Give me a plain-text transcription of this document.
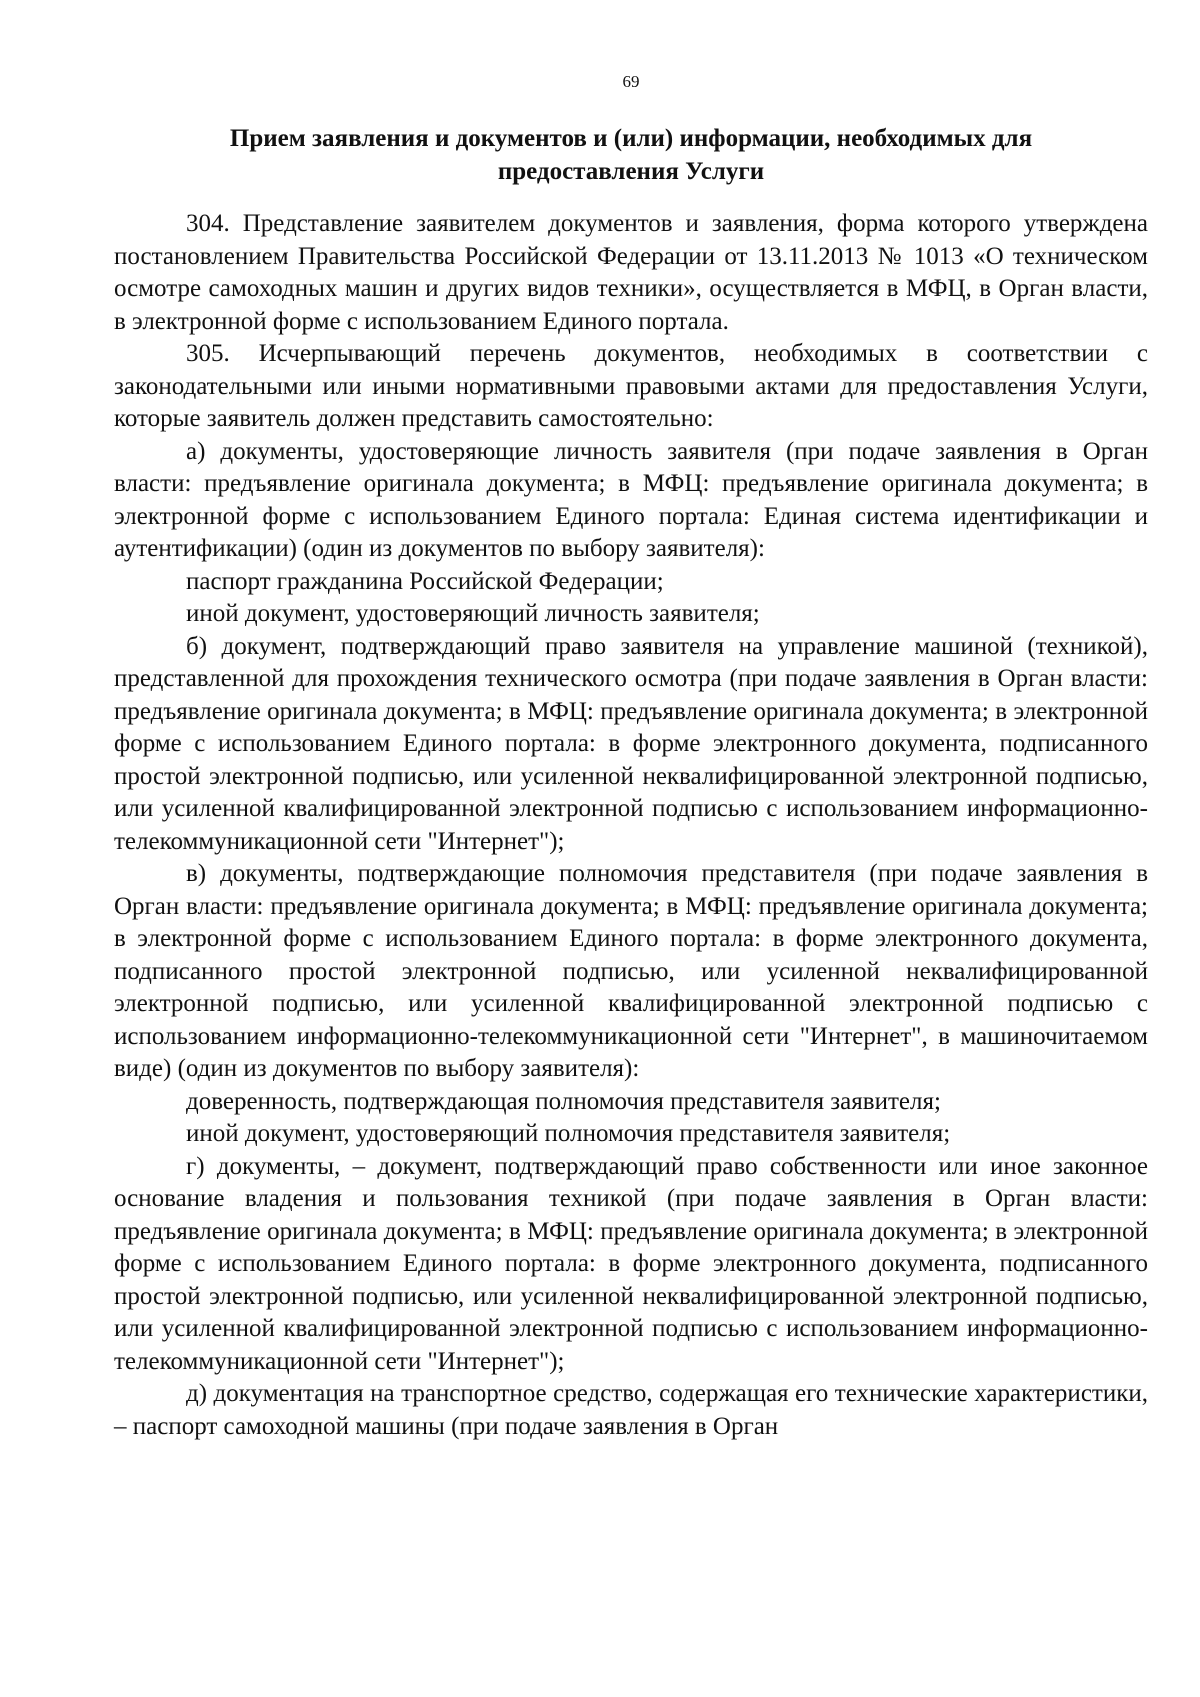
69
Прием заявления и документов и (или) информации, необходимых для
предоставления Услуги

304. Представление заявителем документов и заявления, форма которого утверждена постановлением Правительства Российской Федерации от 13.11.2013 № 1013 «О техническом осмотре самоходных машин и других видов техники», осуществляется в МФЦ, в Орган власти, в электронной форме с использованием Единого портала.

305. Исчерпывающий перечень документов, необходимых в соответствии с законодательными или иными нормативными правовыми актами для предоставления Услуги, которые заявитель должен представить самостоятельно:

а) документы, удостоверяющие личность заявителя (при подаче заявления в Орган власти: предъявление оригинала документа; в МФЦ: предъявление оригинала документа; в электронной форме с использованием Единого портала: Единая система идентификации и аутентификации) (один из документов по выбору заявителя):

паспорт гражданина Российской Федерации;

иной документ, удостоверяющий личность заявителя;

б) документ, подтверждающий право заявителя на управление машиной (техникой), представленной для прохождения технического осмотра (при подаче заявления в Орган власти: предъявление оригинала документа; в МФЦ: предъявление оригинала документа; в электронной форме с использованием Единого портала: в форме электронного документа, подписанного простой электронной подписью, или усиленной неквалифицированной электронной подписью, или усиленной квалифицированной электронной подписью с использованием информационно-телекоммуникационной сети "Интернет");

в) документы, подтверждающие полномочия представителя (при подаче заявления в Орган власти: предъявление оригинала документа; в МФЦ: предъявление оригинала документа; в электронной форме с использованием Единого портала: в форме электронного документа, подписанного простой электронной подписью, или усиленной неквалифицированной электронной подписью, или усиленной квалифицированной электронной подписью с использованием информационно-телекоммуникационной сети "Интернет", в машиночитаемом виде) (один из документов по выбору заявителя):

доверенность, подтверждающая полномочия представителя заявителя;

иной документ, удостоверяющий полномочия представителя заявителя;

г) документы, – документ, подтверждающий право собственности или иное законное основание владения и пользования техникой (при подаче заявления в Орган власти: предъявление оригинала документа; в МФЦ: предъявление оригинала документа; в электронной форме с использованием Единого портала: в форме электронного документа, подписанного простой электронной подписью, или усиленной неквалифицированной электронной подписью, или усиленной квалифицированной электронной подписью с использованием информационно-телекоммуникационной сети "Интернет");

д) документация на транспортное средство, содержащая его технические характеристики, – паспорт самоходной машины (при подаче заявления в Орган
